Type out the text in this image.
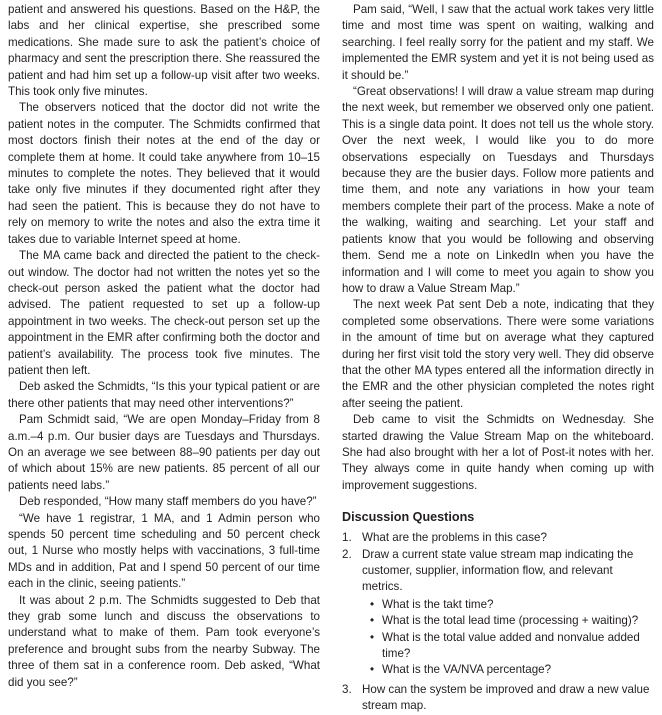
patient and answered his questions. Based on the H&P, the labs and her clinical expertise, she prescribed some medications. She made sure to ask the patient’s choice of pharmacy and sent the prescription there. She reassured the patient and had him set up a follow-up visit after two weeks. This took only five minutes.

The observers noticed that the doctor did not write the patient notes in the computer. The Schmidts confirmed that most doctors finish their notes at the end of the day or complete them at home. It could take anywhere from 10–15 minutes to complete the notes. They believed that it would take only five minutes if they documented right after they had seen the patient. This is because they do not have to rely on memory to write the notes and also the extra time it takes due to variable Internet speed at home.

The MA came back and directed the patient to the check-out window. The doctor had not written the notes yet so the check-out person asked the patient what the doctor had advised. The patient requested to set up a follow-up appointment in two weeks. The check-out person set up the appointment in the EMR after confirming both the doctor and patient’s availability. The process took five minutes. The patient then left.

Deb asked the Schmidts, “Is this your typical patient or are there other patients that may need other interventions?”

Pam Schmidt said, “We are open Monday–Friday from 8 a.m.–4 p.m. Our busier days are Tuesdays and Thursdays. On an average we see between 88–90 patients per day out of which about 15% are new patients. 85 percent of all our patients need labs.”

Deb responded, “How many staff members do you have?”

“We have 1 registrar, 1 MA, and 1 Admin person who spends 50 percent time scheduling and 50 percent check out, 1 Nurse who mostly helps with vaccinations, 3 full-time MDs and in addition, Pat and I spend 50 percent of our time each in the clinic, seeing patients.”

It was about 2 p.m. The Schmidts suggested to Deb that they grab some lunch and discuss the observations to understand what to make of them. Pam took everyone’s preference and brought subs from the nearby Subway. The three of them sat in a conference room. Deb asked, “What did you see?”

Pam said, “Well, I saw that the actual work takes very little time and most time was spent on waiting, walking and searching. I feel really sorry for the patient and my staff. We implemented the EMR system and yet it is not being used as it should be.”

“Great observations! I will draw a value stream map during the next week, but remember we observed only one patient. This is a single data point. It does not tell us the whole story. Over the next week, I would like you to do more observations especially on Tuesdays and Thursdays because they are the busier days. Follow more patients and time them, and note any variations in how your team members complete their part of the process. Make a note of the walking, waiting and searching. Let your staff and patients know that you would be following and observing them. Send me a note on LinkedIn when you have the information and I will come to meet you again to show you how to draw a Value Stream Map.”

The next week Pat sent Deb a note, indicating that they completed some observations. There were some variations in the amount of time but on average what they captured during her first visit told the story very well. They did observe that the other MA types entered all the information directly in the EMR and the other physician completed the notes right after seeing the patient.

Deb came to visit the Schmidts on Wednesday. She started drawing the Value Stream Map on the whiteboard. She had also brought with her a lot of Post-it notes with her. They always come in quite handy when coming up with improvement suggestions.

Discussion Questions
1. What are the problems in this case?
2. Draw a current state value stream map indicating the customer, supplier, information flow, and relevant metrics.
• What is the takt time?
• What is the total lead time (processing + waiting)?
• What is the total value added and nonvalue added time?
• What is the VA/NVA percentage?
3. How can the system be improved and draw a new value stream map.
